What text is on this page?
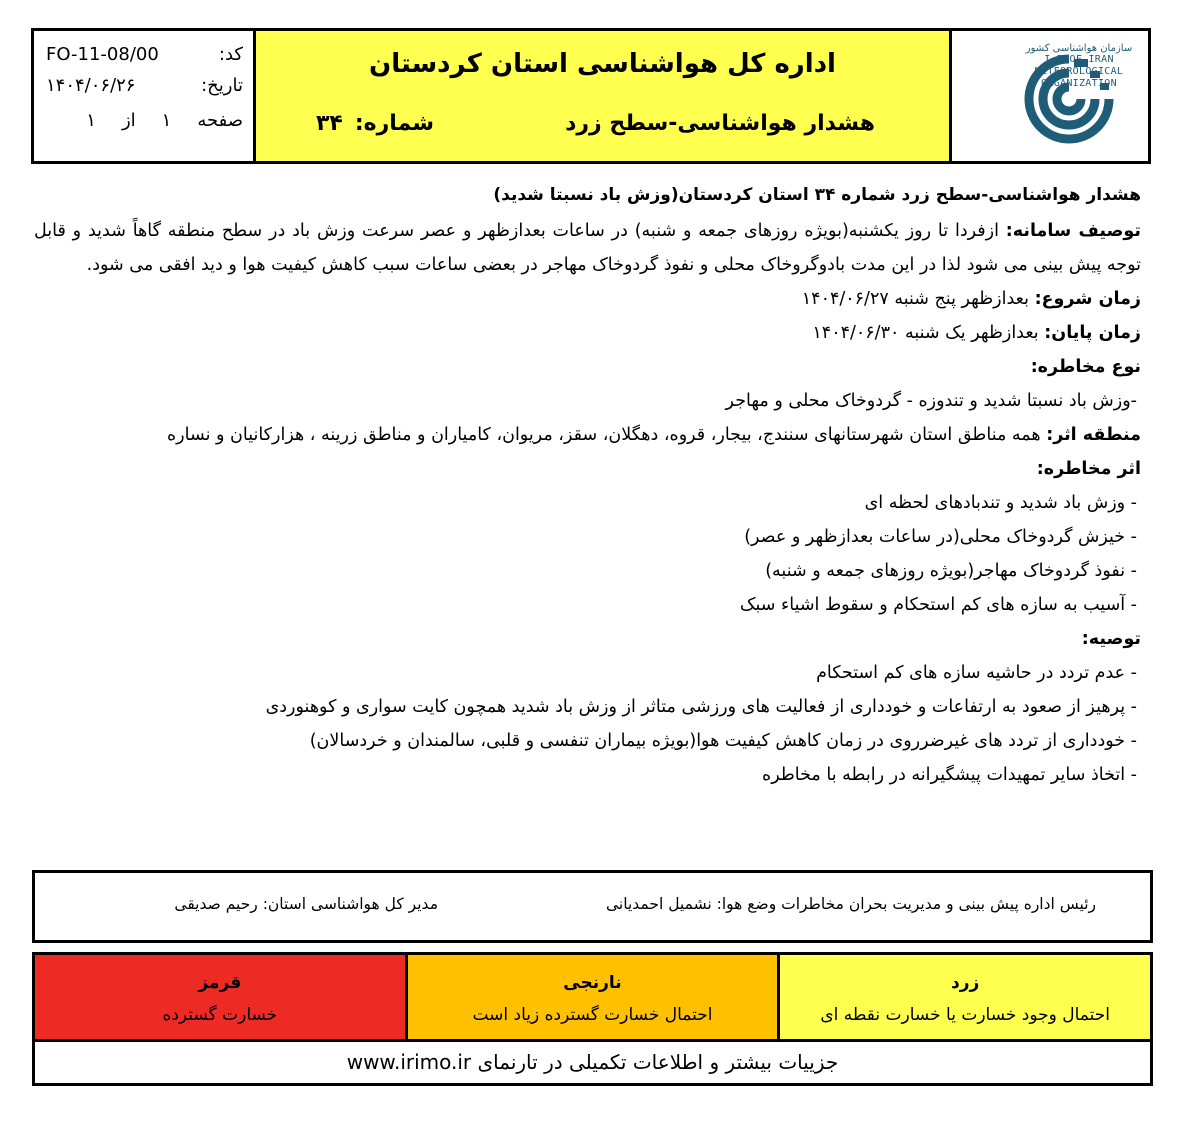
کد:
FO-11-08/00
تاریخ:
۱۴۰۴/۰۶/۲۶
صفحه
۱
از
۱
اداره کل هواشناسی استان کردستان
هشدار هواشناسی-سطح زرد
شماره:
۳۴
سازمان هواشناسی کشور
I.R.OF IRAN
METEOROLOGICAL
ORGANIZATION
هشدار هواشناسی-سطح زرد شماره ۳۴ استان کردستان(وزش باد نسبتا شدید)
توصیف سامانه: ازفردا تا روز یکشنبه(بویژه روزهای جمعه و شنبه) در ساعات بعدازظهر و عصر سرعت وزش باد در سطح منطقه گاهاً شدید و قابل توجه پیش بینی می شود لذا در این مدت بادوگروخاک محلی و نفوذ گردوخاک مهاجر در بعضی ساعات سبب کاهش کیفیت هوا و دید افقی می شود.
زمان شروع: بعدازظهر پنج شنبه ۱۴۰۴/۰۶/۲۷
زمان پایان: بعدازظهر یک شنبه ۱۴۰۴/۰۶/۳۰
نوع مخاطره:
-وزش باد نسبتا شدید و تندوزه - گردوخاک محلی و مهاجر
منطقه اثر: همه مناطق استان شهرستانهای سنندج، بیجار، قروه، دهگلان، سقز، مریوان، کامیاران و مناطق زرینه ، هزارکانیان و نساره
اثر مخاطره:
- وزش باد شدید و تندبادهای لحظه ای
- خیزش گردوخاک محلی(در ساعات بعدازظهر و عصر)
- نفوذ گردوخاک مهاجر(بویژه روزهای جمعه و شنبه)
- آسیب به سازه های کم استحکام و سقوط اشیاء سبک
توصیه:
- عدم تردد در حاشیه سازه های کم استحکام
- پرهیز از صعود به ارتفاعات و خودداری از فعالیت های ورزشی متاثر از وزش باد شدید همچون کایت سواری و کوهنوردی
- خودداری از تردد های غیرضرروی در زمان کاهش کیفیت هوا(بویژه بیماران تنفسی و قلبی، سالمندان و خردسالان)
- اتخاذ سایر تمهیدات پیشگیرانه در رابطه با مخاطره
رئیس اداره پیش بینی و مدیریت بحران مخاطرات وضع هوا: نشمیل احمدیانی
مدیر کل هواشناسی استان: رحیم صدیقی
زرد
احتمال وجود خسارت یا خسارت نقطه ای
نارنجی
احتمال خسارت گسترده زیاد است
قرمز
خسارت گسترده
جزییات بیشتر و اطلاعات تکمیلی در تارنمای www.irimo.ir
